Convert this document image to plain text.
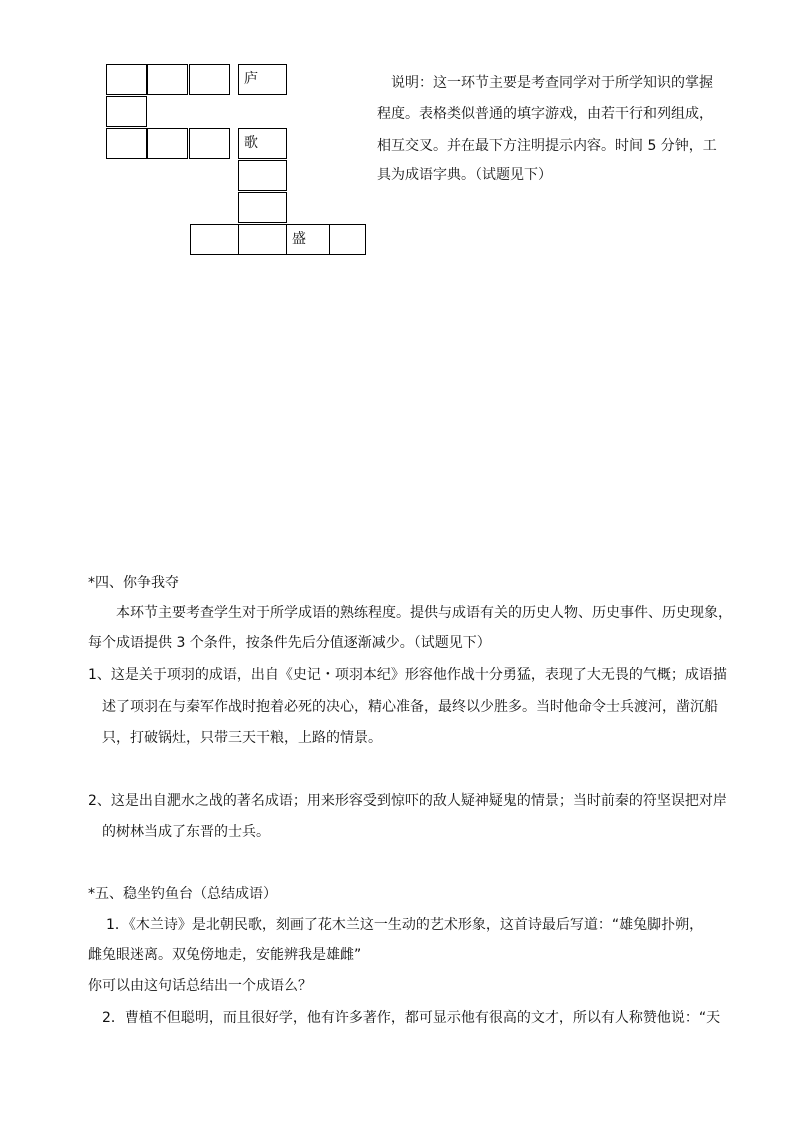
庐
歌
盛
说明：这一环节主要是考查同学对于所学知识的掌握
程度。表格类似普通的填字游戏，由若干行和列组成，
相互交叉。并在最下方注明提示内容。时间 5 分钟，工
具为成语字典。（试题见下）
*四、你争我夺
本环节主要考查学生对于所学成语的熟练程度。提供与成语有关的历史人物、历史事件、历史现象，
每个成语提供 3 个条件，按条件先后分值逐渐减少。（试题见下）
1、这是关于项羽的成语，出自《史记・项羽本纪》形容他作战十分勇猛，表现了大无畏的气概；成语描
述了项羽在与秦军作战时抱着必死的决心，精心准备，最终以少胜多。当时他命令士兵渡河，凿沉船
只，打破锅灶，只带三天干粮，上路的情景。
2、这是出自淝水之战的著名成语；用来形容受到惊吓的敌人疑神疑鬼的情景；当时前秦的符坚误把对岸
的树林当成了东晋的士兵。
*五、稳坐钓鱼台（总结成语）
1．《木兰诗》是北朝民歌，刻画了花木兰这一生动的艺术形象，这首诗最后写道：“雄兔脚扑朔，
雌兔眼迷离。双兔傍地走，安能辨我是雄雌”
你可以由这句话总结出一个成语么？
2．曹植不但聪明，而且很好学，他有许多著作，都可显示他有很高的文才，所以有人称赞他说：“天
